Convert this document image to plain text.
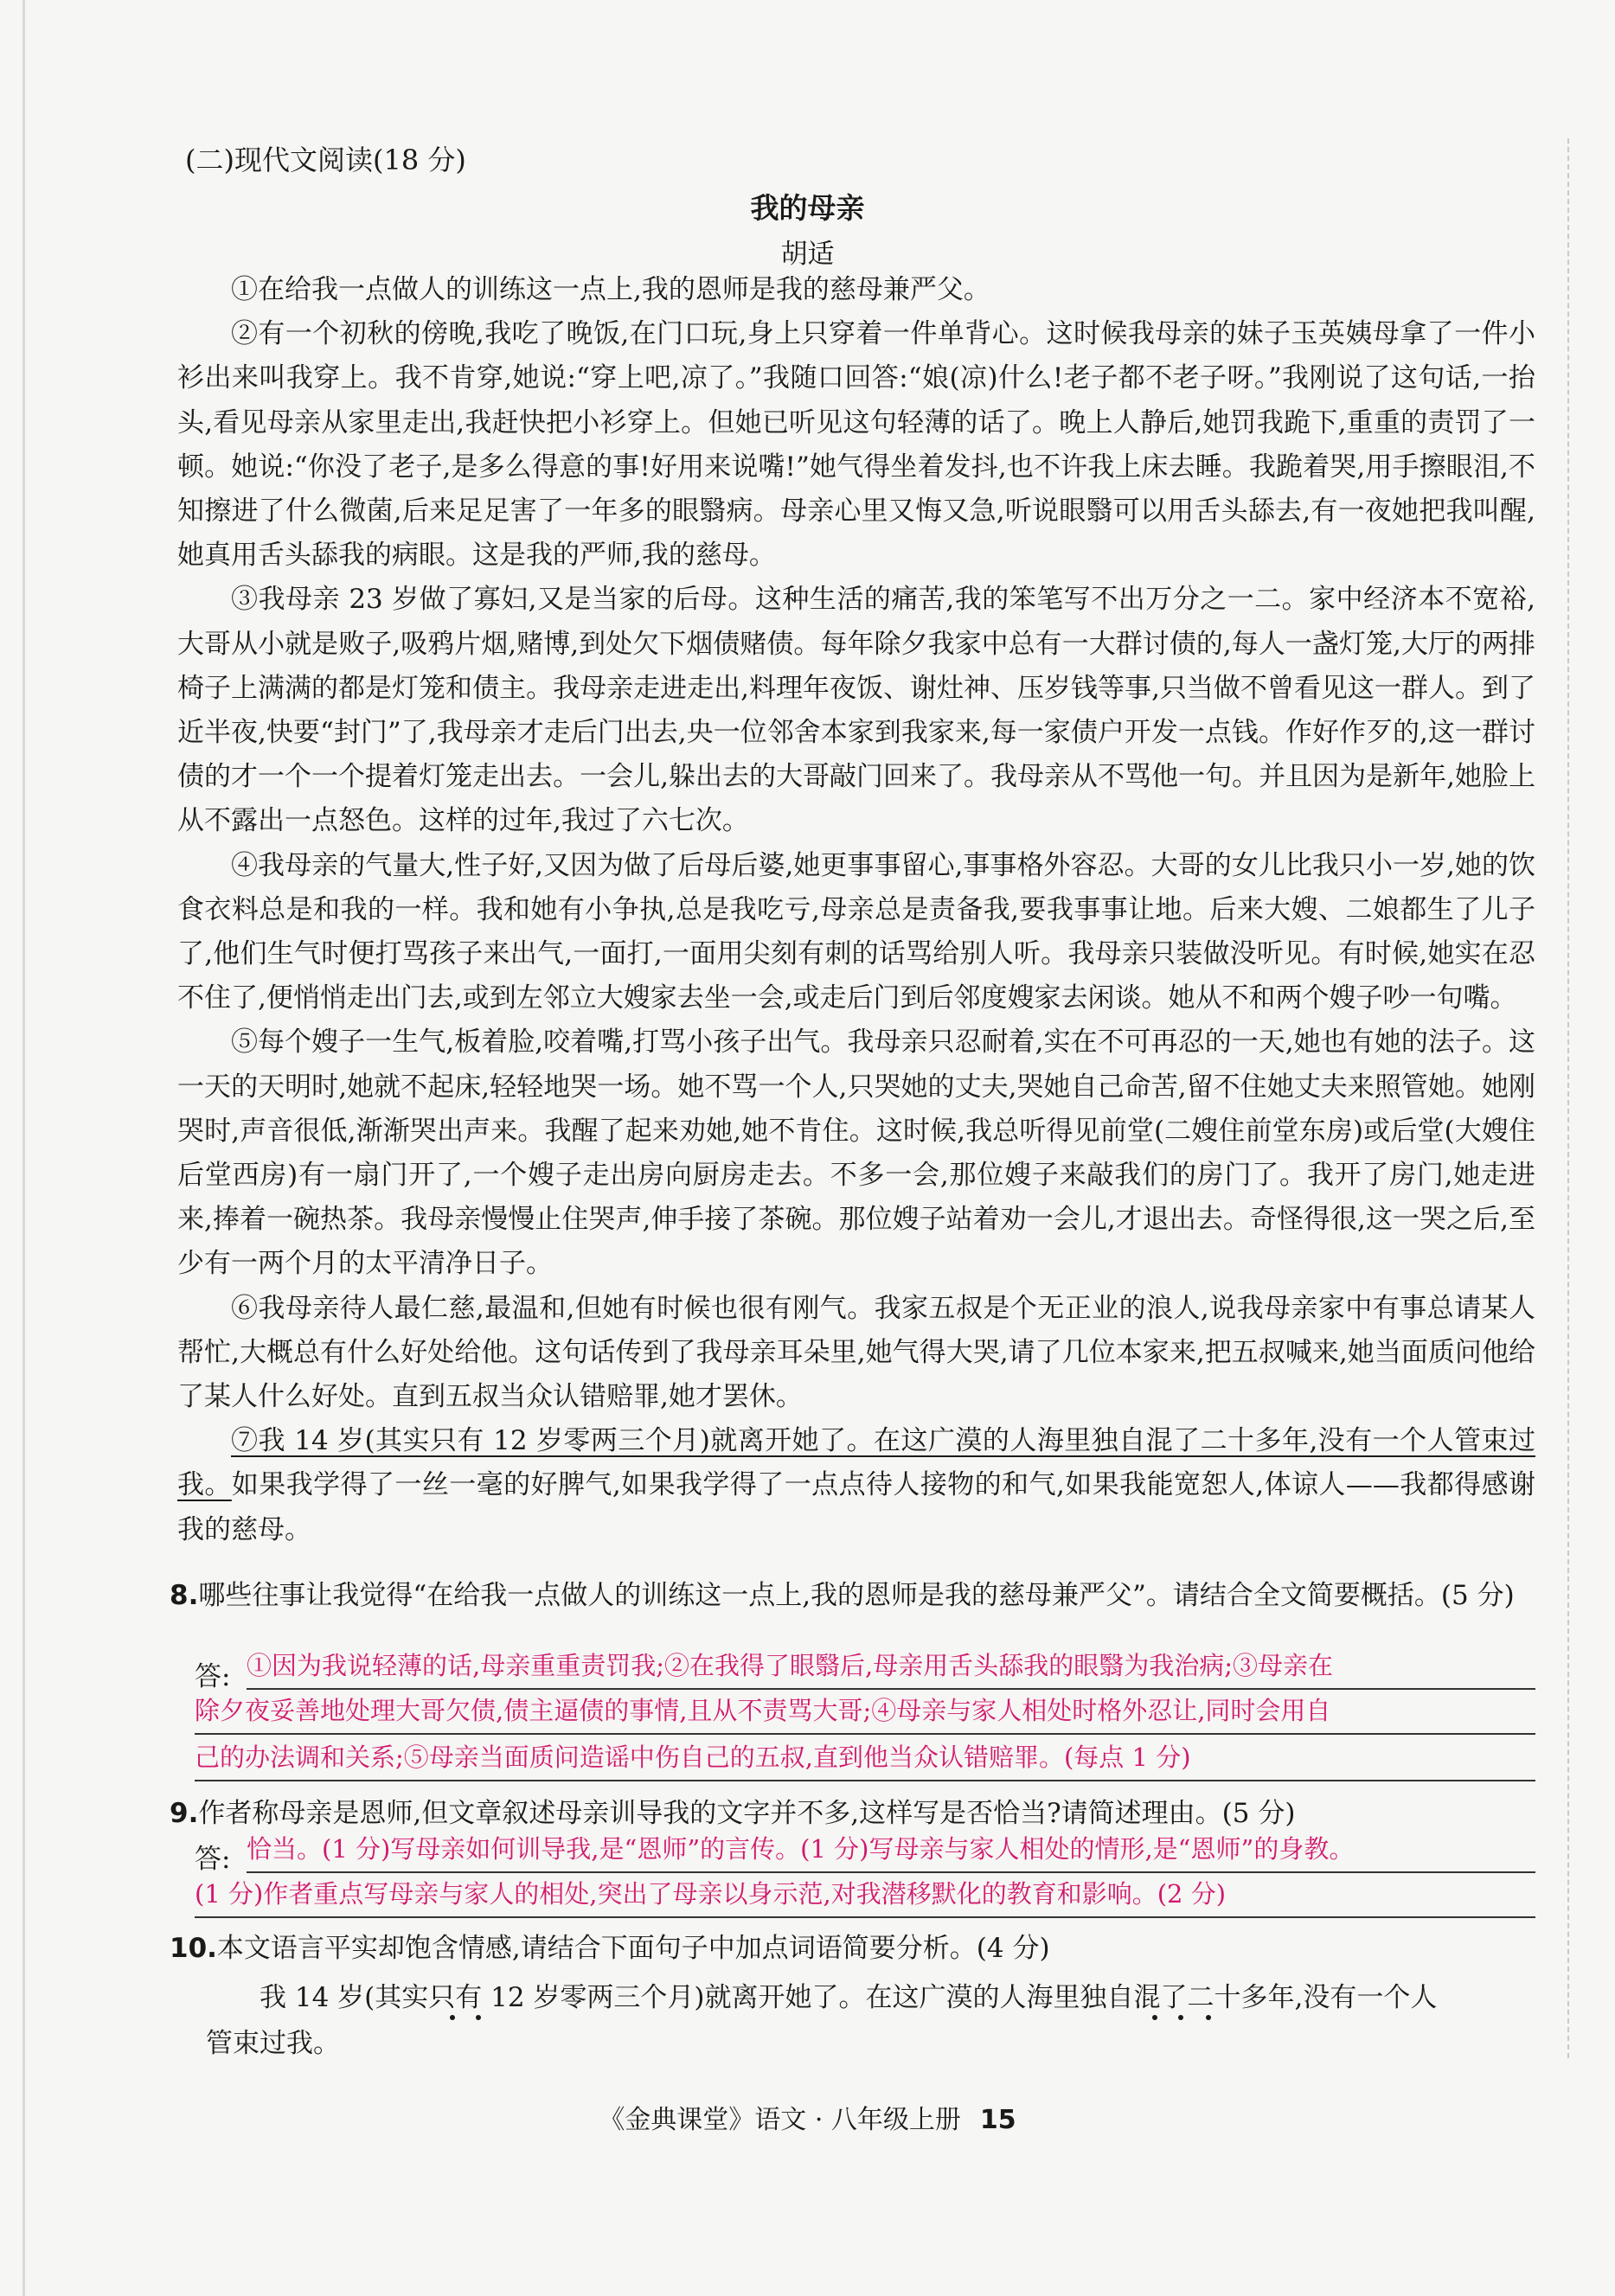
(二)现代文阅读(18 分)
我的母亲
胡适

①在给我一点做人的训练这一点上,我的恩师是我的慈母兼严父。

②有一个初秋的傍晚,我吃了晚饭,在门口玩,身上只穿着一件单背心。这时候我母亲的妹子玉英姨母拿了一件小衫出来叫我穿上。我不肯穿,她说:“穿上吧,凉了。”我随口回答:“娘(凉)什么!老子都不老子呀。”我刚说了这句话,一抬头,看见母亲从家里走出,我赶快把小衫穿上。但她已听见这句轻薄的话了。晚上人静后,她罚我跪下,重重的责罚了一顿。她说:“你没了老子,是多么得意的事!好用来说嘴!”她气得坐着发抖,也不许我上床去睡。我跪着哭,用手擦眼泪,不知擦进了什么微菌,后来足足害了一年多的眼翳病。母亲心里又悔又急,听说眼翳可以用舌头舔去,有一夜她把我叫醒,她真用舌头舔我的病眼。这是我的严师,我的慈母。

③我母亲 23 岁做了寡妇,又是当家的后母。这种生活的痛苦,我的笨笔写不出万分之一二。家中经济本不宽裕,大哥从小就是败子,吸鸦片烟,赌博,到处欠下烟债赌债。每年除夕我家中总有一大群讨债的,每人一盏灯笼,大厅的两排椅子上满满的都是灯笼和债主。我母亲走进走出,料理年夜饭、谢灶神、压岁钱等事,只当做不曾看见这一群人。到了近半夜,快要“封门”了,我母亲才走后门出去,央一位邻舍本家到我家来,每一家债户开发一点钱。作好作歹的,这一群讨债的才一个一个提着灯笼走出去。一会儿,躲出去的大哥敲门回来了。我母亲从不骂他一句。并且因为是新年,她脸上从不露出一点怒色。这样的过年,我过了六七次。

④我母亲的气量大,性子好,又因为做了后母后婆,她更事事留心,事事格外容忍。大哥的女儿比我只小一岁,她的饮食衣料总是和我的一样。我和她有小争执,总是我吃亏,母亲总是责备我,要我事事让地。后来大嫂、二娘都生了儿子了,他们生气时便打骂孩子来出气,一面打,一面用尖刻有刺的话骂给别人听。我母亲只装做没听见。有时候,她实在忍不住了,便悄悄走出门去,或到左邻立大嫂家去坐一会,或走后门到后邻度嫂家去闲谈。她从不和两个嫂子吵一句嘴。

⑤每个嫂子一生气,板着脸,咬着嘴,打骂小孩子出气。我母亲只忍耐着,实在不可再忍的一天,她也有她的法子。这一天的天明时,她就不起床,轻轻地哭一场。她不骂一个人,只哭她的丈夫,哭她自己命苦,留不住她丈夫来照管她。她刚哭时,声音很低,渐渐哭出声来。我醒了起来劝她,她不肯住。这时候,我总听得见前堂(二嫂住前堂东房)或后堂(大嫂住后堂西房)有一扇门开了,一个嫂子走出房向厨房走去。不多一会,那位嫂子来敲我们的房门了。我开了房门,她走进来,捧着一碗热茶。我母亲慢慢止住哭声,伸手接了茶碗。那位嫂子站着劝一会儿,才退出去。奇怪得很,这一哭之后,至少有一两个月的太平清净日子。

⑥我母亲待人最仁慈,最温和,但她有时候也很有刚气。我家五叔是个无正业的浪人,说我母亲家中有事总请某人帮忙,大概总有什么好处给他。这句话传到了我母亲耳朵里,她气得大哭,请了几位本家来,把五叔喊来,她当面质问他给了某人什么好处。直到五叔当众认错赔罪,她才罢休。

⑦我 14 岁(其实只有 12 岁零两三个月)就离开她了。在这广漠的人海里独自混了二十多年,没有一个人管束过我。如果我学得了一丝一毫的好脾气,如果我学得了一点点待人接物的和气,如果我能宽恕人,体谅人——我都得感谢我的慈母。

8.哪些往事让我觉得“在给我一点做人的训练这一点上,我的恩师是我的慈母兼严父”。请结合全文简要概括。(5 分)
答: ①因为我说轻薄的话,母亲重重责罚我;②在我得了眼翳后,母亲用舌头舔我的眼翳为我治病;③母亲在
除夕夜妥善地处理大哥欠债,债主逼债的事情,且从不责骂大哥;④母亲与家人相处时格外忍让,同时会用自
己的办法调和关系;⑤母亲当面质问造谣中伤自己的五叔,直到他当众认错赔罪。(每点 1 分)
9.作者称母亲是恩师,但文章叙述母亲训导我的文字并不多,这样写是否恰当?请简述理由。(5 分)
答: 恰当。(1 分)写母亲如何训导我,是“恩师”的言传。(1 分)写母亲与家人相处的情形,是“恩师”的身教。
(1 分)作者重点写母亲与家人的相处,突出了母亲以身示范,对我潜移默化的教育和影响。(2 分)
10.本文语言平实却饱含情感,请结合下面句子中加点词语简要分析。(4 分)
我 14 岁(其实只有 12 岁零两三个月)就离开她了。在这广漠的人海里独自混了二十多年,没有一个人
管束过我。
《金典课堂》语文 · 八年级上册 15
